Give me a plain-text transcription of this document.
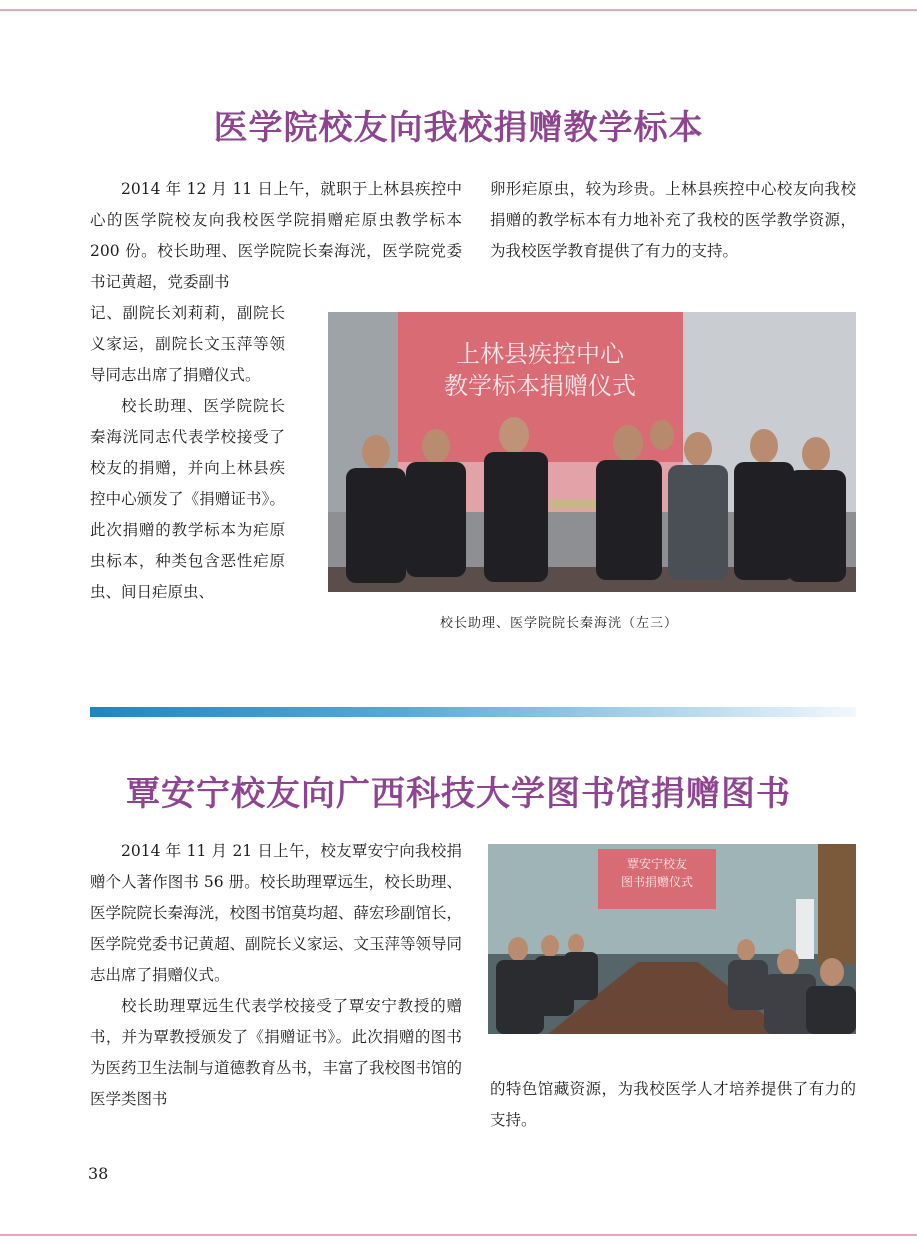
医学院校友向我校捐赠教学标本

2014 年 12 月 11 日上午，就职于上林县疾控中心的医学院校友向我校医学院捐赠疟原虫教学标本 200 份。校长助理、医学院院长秦海洸，医学院党委书记黄超，党委副书

记、副院长刘莉莉，副院长义家运，副院长文玉萍等领导同志出席了捐赠仪式。

校长助理、医学院院长秦海洸同志代表学校接受了校友的捐赠，并向上林县疾控中心颁发了《捐赠证书》。此次捐赠的教学标本为疟原虫标本，种类包含恶性疟原虫、间日疟原虫、

卵形疟原虫，较为珍贵。上林县疾控中心校友向我校捐赠的教学标本有力地补充了我校的医学教学资源，为我校医学教育提供了有力的支持。

上林县疾控中心
教学标本捐赠仪式
校长助理、医学院院长秦海洸（左三）
覃安宁校友向广西科技大学图书馆捐赠图书

2014 年 11 月 21 日上午，校友覃安宁向我校捐赠个人著作图书 56 册。校长助理覃远生，校长助理、医学院院长秦海洸，校图书馆莫均超、薛宏珍副馆长，医学院党委书记黄超、副院长义家运、文玉萍等领导同志出席了捐赠仪式。

校长助理覃远生代表学校接受了覃安宁教授的赠书，并为覃教授颁发了《捐赠证书》。此次捐赠的图书为医药卫生法制与道德教育丛书，丰富了我校图书馆的医学类图书

覃安宁校友
图书捐赠仪式

的特色馆藏资源，为我校医学人才培养提供了有力的支持。

38
